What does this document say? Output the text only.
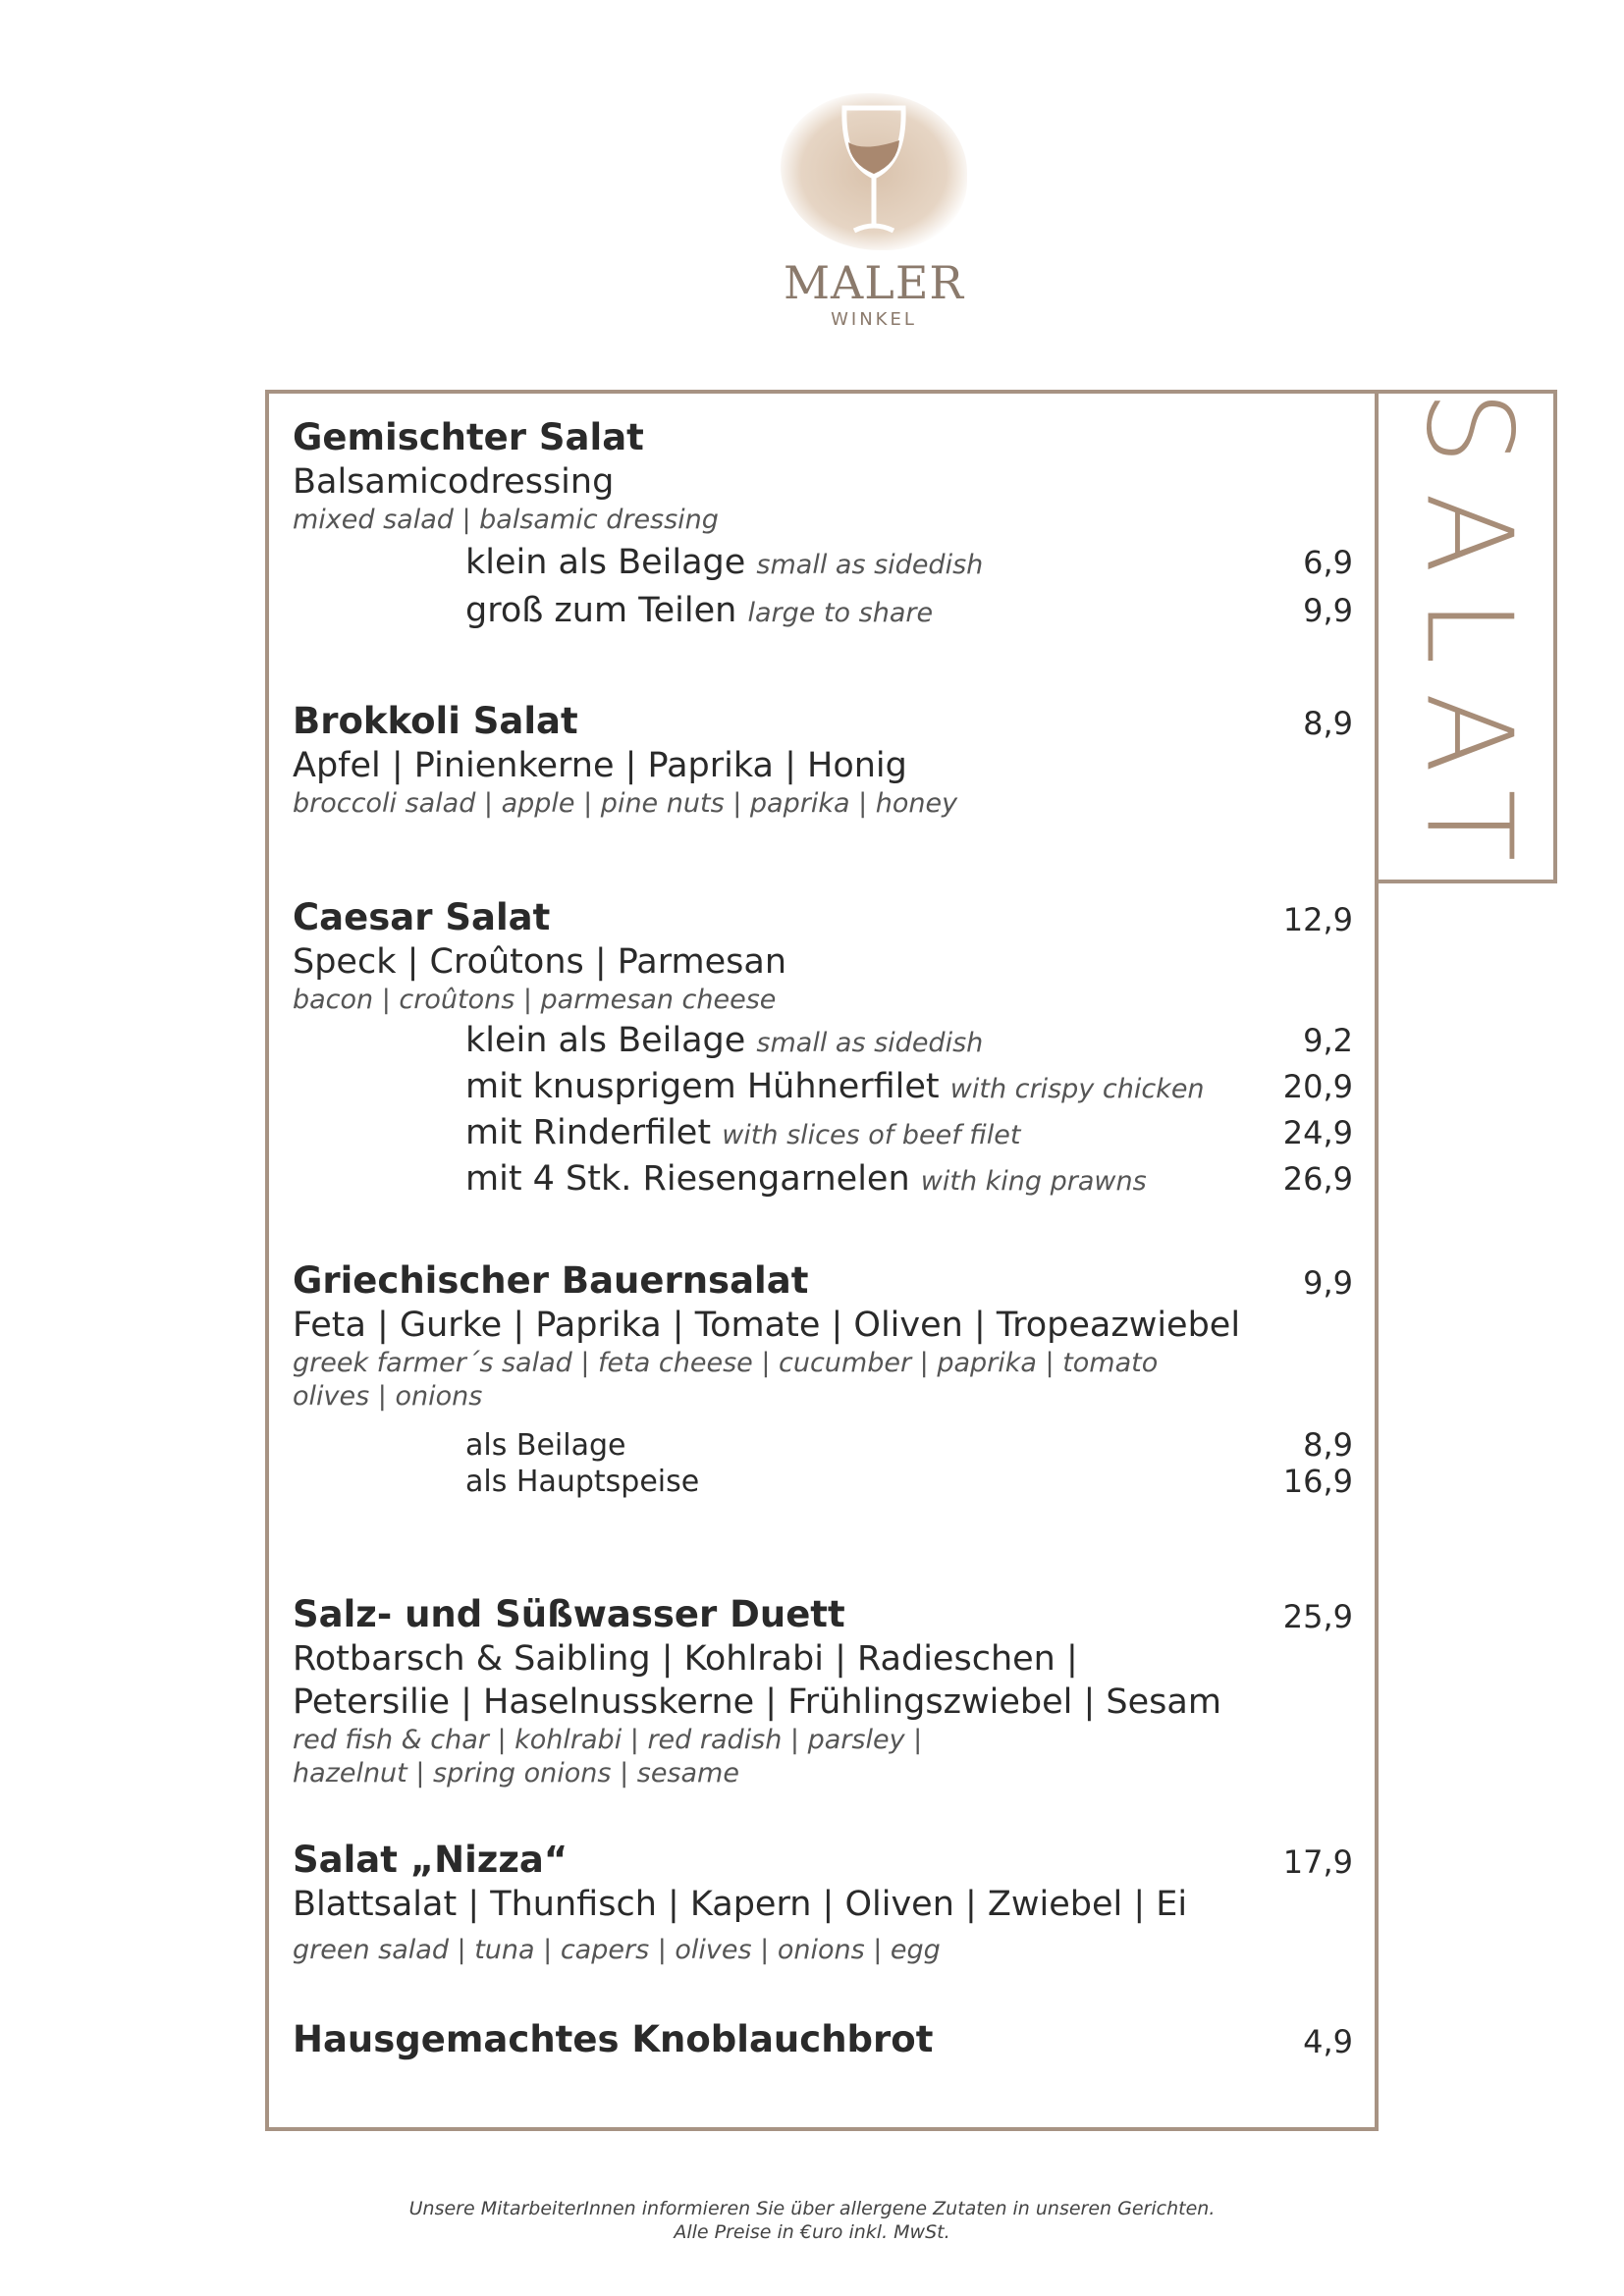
MALER
WINKEL
SALAT
Gemischter Salat
Balsamicodressing
mixed salad | balsamic dressing
klein als Beilage small as sidedish	6,9
groß zum Teilen large to share	9,9
Brokkoli Salat	8,9
Apfel | Pinienkerne | Paprika | Honig
broccoli salad | apple | pine nuts | paprika | honey
Caesar Salat	12,9
Speck | Croûtons | Parmesan
bacon | croûtons | parmesan cheese
klein als Beilage small as sidedish	9,2
mit knusprigem Hühnerfilet with crispy chicken	20,9
mit Rinderfilet with slices of beef filet	24,9
mit 4 Stk. Riesengarnelen with king prawns	26,9
Griechischer Bauernsalat	9,9
Feta | Gurke | Paprika | Tomate | Oliven | Tropeazwiebel
greek farmer´s salad | feta cheese | cucumber | paprika | tomato
olives | onions
als Beilage	8,9
als Hauptspeise	16,9
Salz- und Süßwasser Duett	25,9
Rotbarsch & Saibling | Kohlrabi | Radieschen |
Petersilie | Haselnusskerne | Frühlingszwiebel | Sesam
red fish & char | kohlrabi | red radish | parsley |
hazelnut | spring onions | sesame
Salat „Nizza“	17,9
Blattsalat | Thunfisch | Kapern | Oliven | Zwiebel | Ei
green salad | tuna | capers | olives | onions | egg
Hausgemachtes Knoblauchbrot	4,9
Unsere MitarbeiterInnen informieren Sie über allergene Zutaten in unseren Gerichten.
Alle Preise in €uro inkl. MwSt.
